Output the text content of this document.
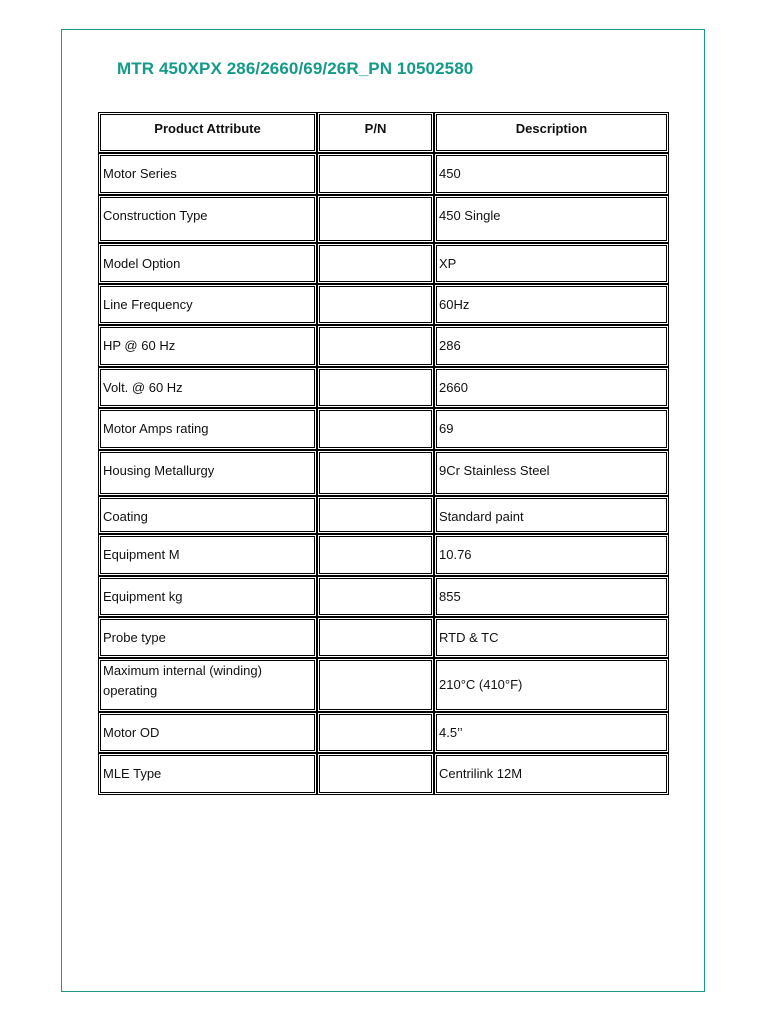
MTR 450XPX 286/2660/69/26R_PN 10502580
Product Attribute	P/N	Description
Motor Series		450
Construction Type		450 Single
Model Option		XP
Line Frequency		60Hz
HP @ 60 Hz		286
Volt. @ 60 Hz		2660
Motor Amps rating		69
Housing Metallurgy		9Cr Stainless Steel
Coating		Standard paint
Equipment M		10.76
Equipment kg		855
Probe type		RTD & TC
Maximum internal (winding) operating		210°C (410°F)
Motor OD		4.5’’
MLE Type		Centrilink 12M
